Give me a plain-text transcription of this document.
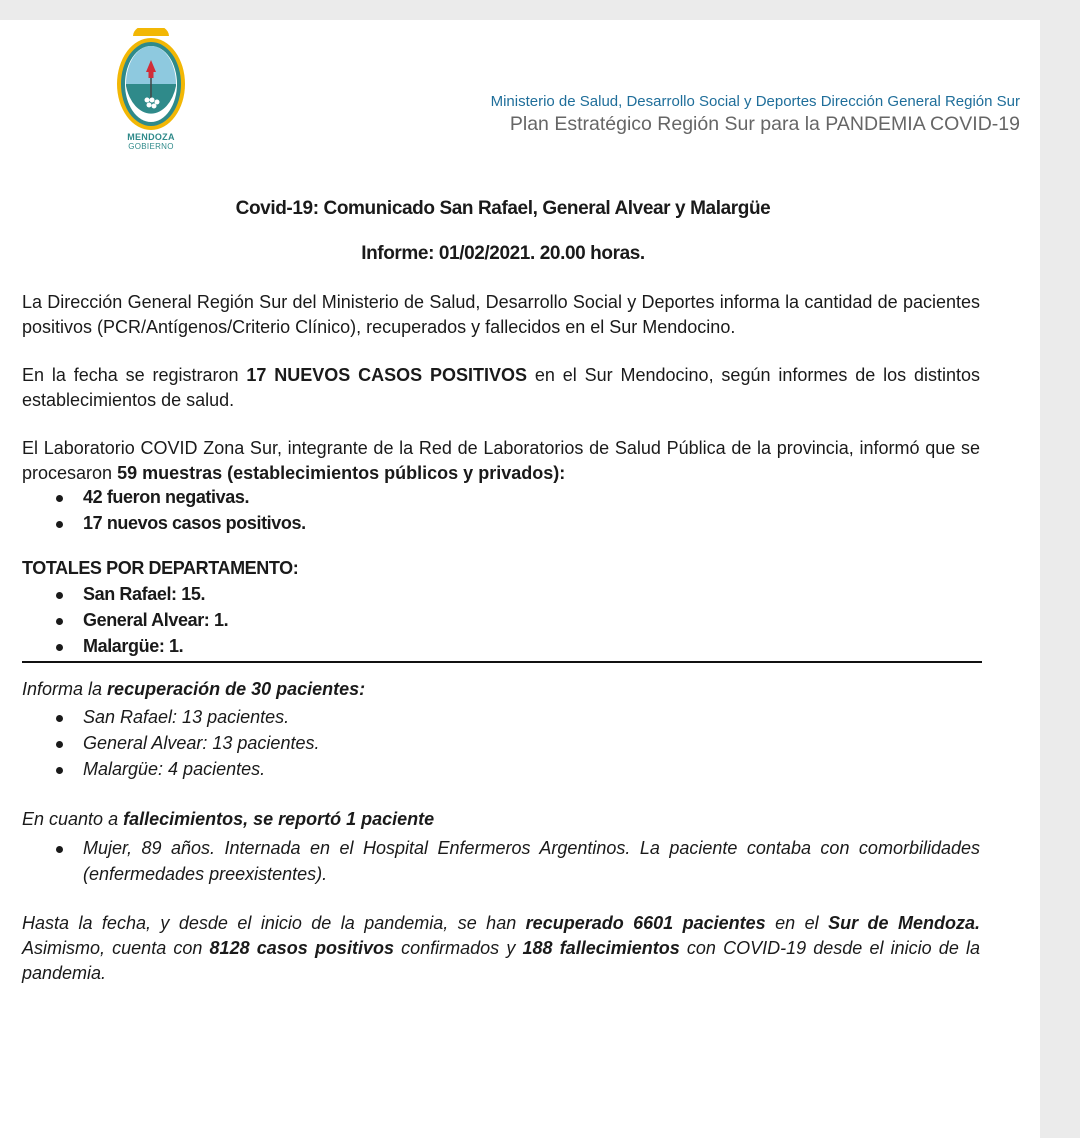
MENDOZA
GOBIERNO
Ministerio de Salud, Desarrollo Social y Deportes Dirección General Región Sur
Plan Estratégico Región Sur para la PANDEMIA COVID-19
Covid-19: Comunicado San Rafael, General Alvear y Malargüe
Informe: 01/02/2021. 20.00 horas.
La Dirección General Región Sur del Ministerio de Salud, Desarrollo Social y Deportes informa la cantidad de pacientes positivos (PCR/Antígenos/Criterio Clínico), recuperados y fallecidos en el Sur Mendocino.
En la fecha se registraron 17 NUEVOS CASOS POSITIVOS en el Sur Mendocino, según informes de los distintos establecimientos de salud.
El Laboratorio COVID Zona Sur, integrante de la Red de Laboratorios de Salud Pública de la provincia, informó que se procesaron 59 muestras (establecimientos públicos y privados):
42 fueron negativas.
17 nuevos casos positivos.
TOTALES POR DEPARTAMENTO:
San Rafael: 15.
General Alvear: 1.
Malargüe: 1.
Informa la recuperación de 30 pacientes:
San Rafael: 13 pacientes.
General Alvear: 13 pacientes.
Malargüe: 4 pacientes.
En cuanto a fallecimientos, se reportó 1 paciente
Mujer, 89 años. Internada en el Hospital Enfermeros Argentinos. La paciente contaba con comorbilidades (enfermedades preexistentes).
Hasta la fecha, y desde el inicio de la pandemia, se han recuperado 6601 pacientes en el Sur de Mendoza. Asimismo, cuenta con 8128 casos positivos confirmados y 188 fallecimientos con COVID-19 desde el inicio de la pandemia.
